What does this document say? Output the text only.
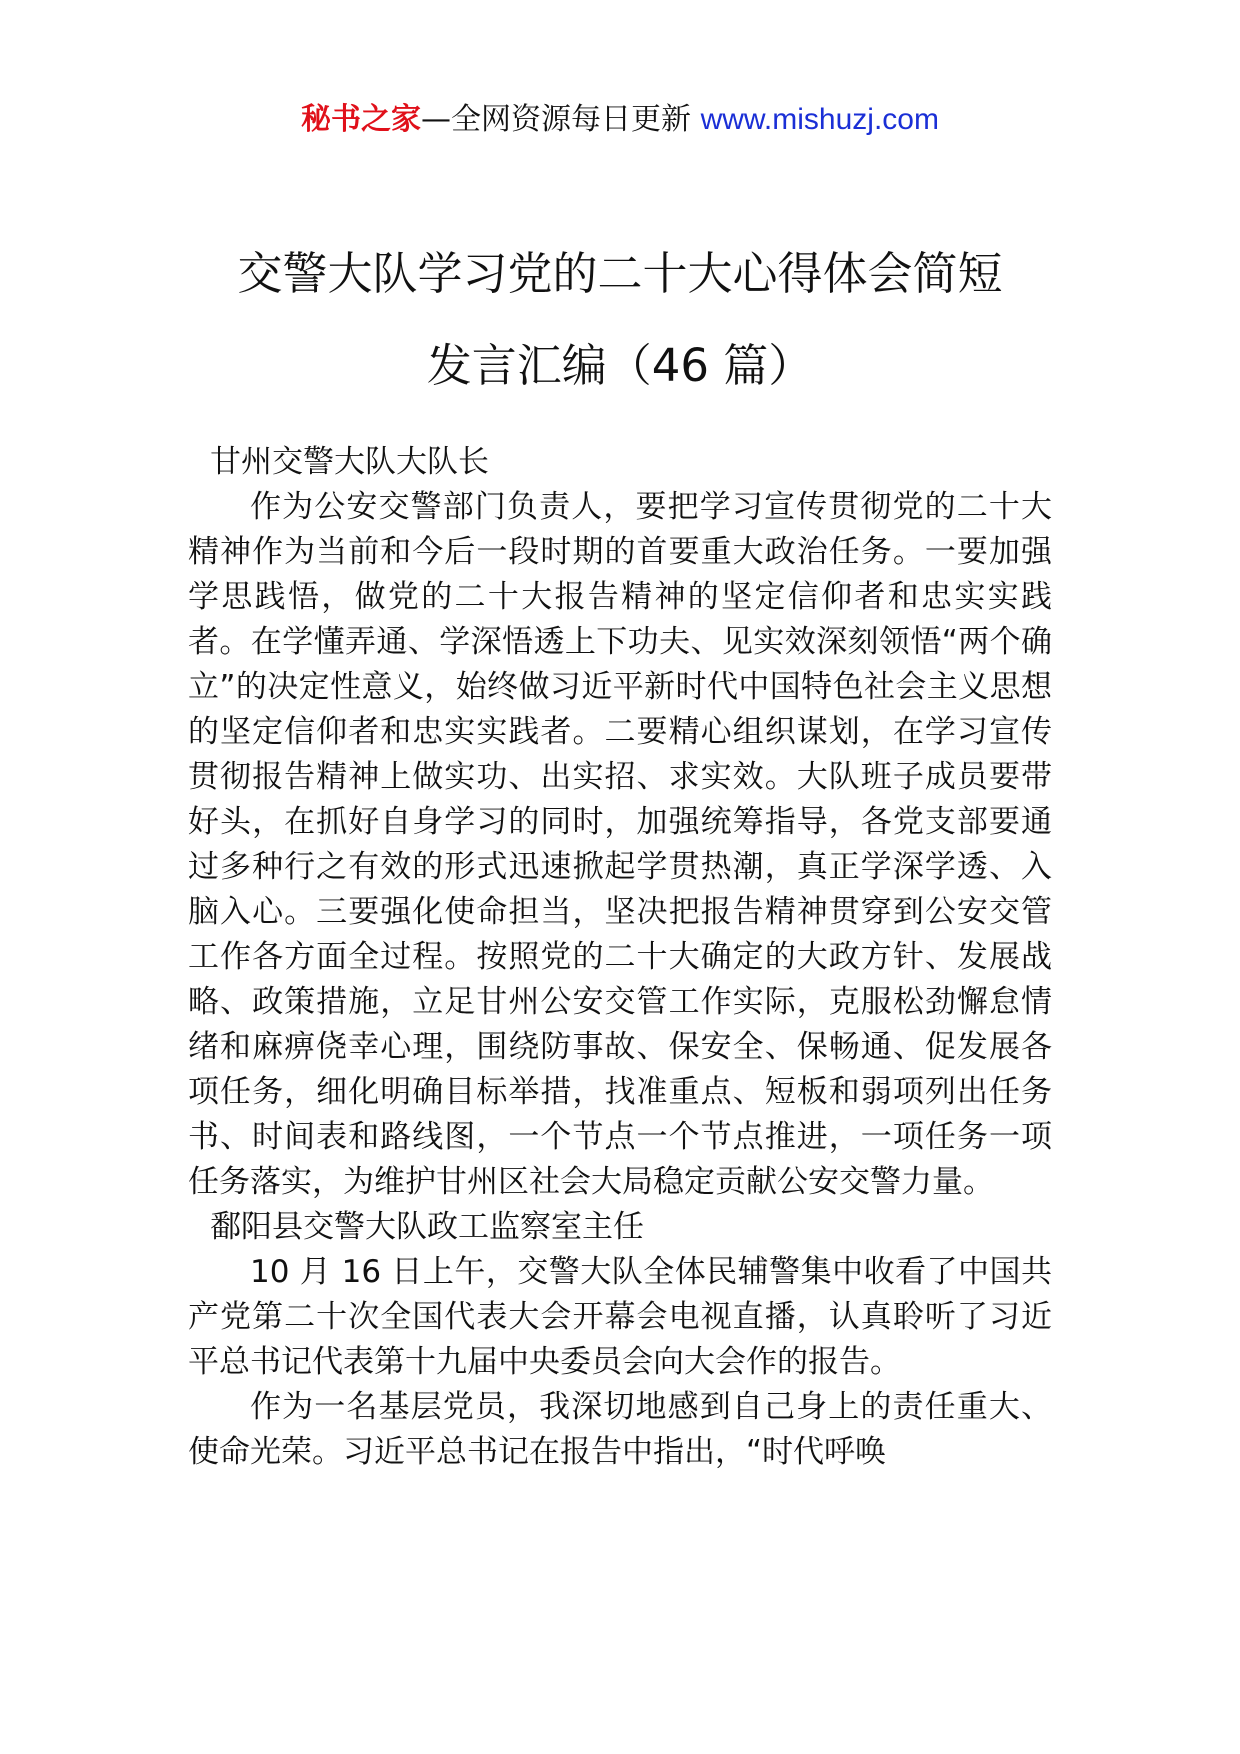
秘书之家—全网资源每日更新 www.mishuzj.com
交警大队学习党的二十大心得体会简短
发言汇编（46 篇）

甘州交警大队大队长

作为公安交警部门负责人，要把学习宣传贯彻党的二十大精神作为当前和今后一段时期的首要重大政治任务。一要加强学思践悟，做党的二十大报告精神的坚定信仰者和忠实实践者。在学懂弄通、学深悟透上下功夫、见实效深刻领悟“两个确立”的决定性意义，始终做习近平新时代中国特色社会主义思想的坚定信仰者和忠实实践者。二要精心组织谋划，在学习宣传贯彻报告精神上做实功、出实招、求实效。大队班子成员要带好头，在抓好自身学习的同时，加强统筹指导，各党支部要通过多种行之有效的形式迅速掀起学贯热潮，真正学深学透、入脑入心。三要强化使命担当，坚决把报告精神贯穿到公安交管工作各方面全过程。按照党的二十大确定的大政方针、发展战略、政策措施，立足甘州公安交管工作实际，克服松劲懈怠情绪和麻痹侥幸心理，围绕防事故、保安全、保畅通、促发展各项任务，细化明确目标举措，找准重点、短板和弱项列出任务书、时间表和路线图，一个节点一个节点推进，一项任务一项任务落实，为维护甘州区社会大局稳定贡献公安交警力量。

鄱阳县交警大队政工监察室主任

10 月 16 日上午，交警大队全体民辅警集中收看了中国共产党第二十次全国代表大会开幕会电视直播，认真聆听了习近平总书记代表第十九届中央委员会向大会作的报告。

作为一名基层党员，我深切地感到自己身上的责任重大、使命光荣。习近平总书记在报告中指出，“时代呼唤
